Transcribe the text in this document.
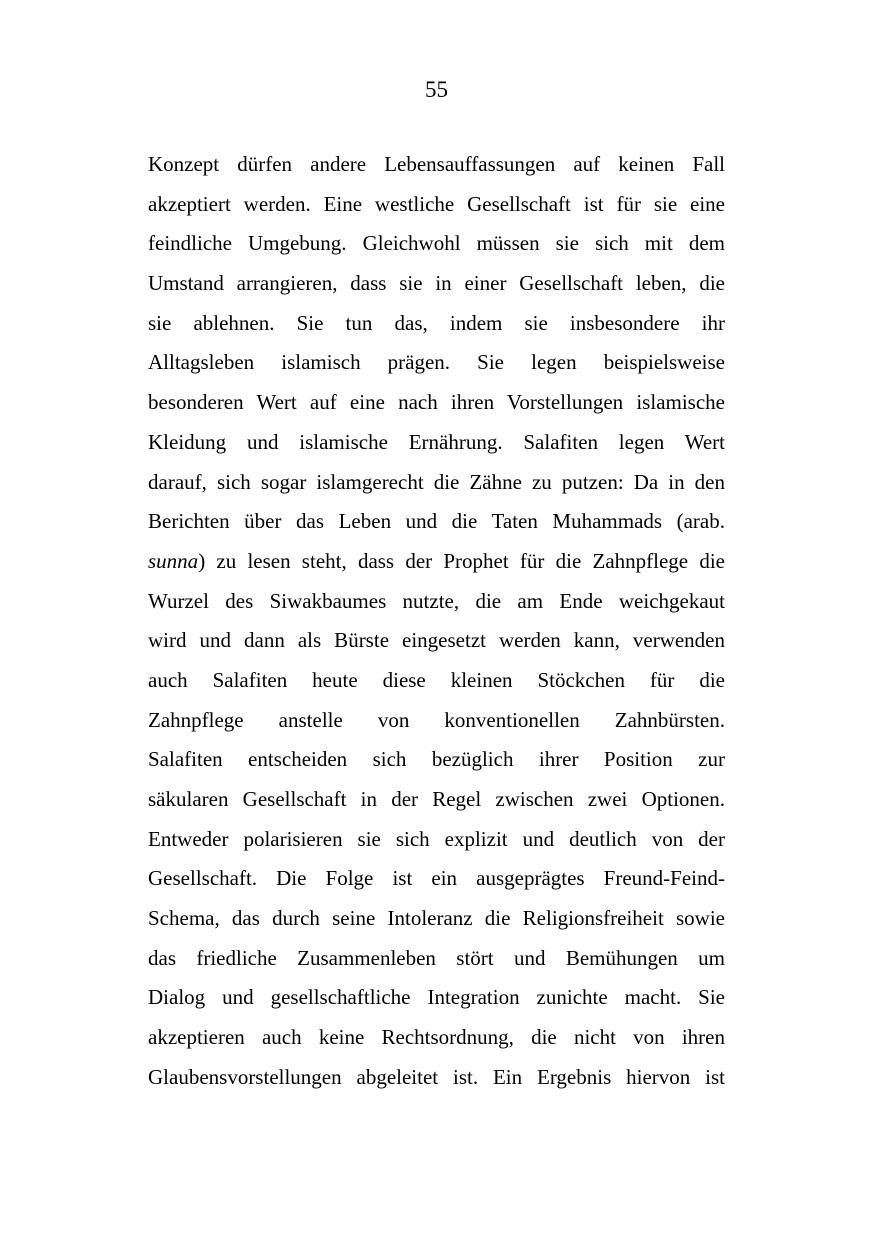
55
Konzept dürfen andere Lebensauffassungen auf keinen Fall
akzeptiert werden. Eine westliche Gesellschaft ist für sie eine
feindliche Umgebung. Gleichwohl müssen sie sich mit dem
Umstand arrangieren, dass sie in einer Gesellschaft leben, die
sie ablehnen. Sie tun das, indem sie insbesondere ihr
Alltagsleben islamisch prägen. Sie legen beispielsweise
besonderen Wert auf eine nach ihren Vorstellungen islamische
Kleidung und islamische Ernährung. Salafiten legen Wert
darauf, sich sogar islamgerecht die Zähne zu putzen: Da in den
Berichten über das Leben und die Taten Muhammads (arab.
sunna) zu lesen steht, dass der Prophet für die Zahnpflege die
Wurzel des Siwakbaumes nutzte, die am Ende weichgekaut
wird und dann als Bürste eingesetzt werden kann, verwenden
auch Salafiten heute diese kleinen Stöckchen für die
Zahnpflege anstelle von konventionellen Zahnbürsten.
Salafiten entscheiden sich bezüglich ihrer Position zur
säkularen Gesellschaft in der Regel zwischen zwei Optionen.
Entweder polarisieren sie sich explizit und deutlich von der
Gesellschaft. Die Folge ist ein ausgeprägtes Freund-Feind-
Schema, das durch seine Intoleranz die Religionsfreiheit sowie
das friedliche Zusammenleben stört und Bemühungen um
Dialog und gesellschaftliche Integration zunichte macht. Sie
akzeptieren auch keine Rechtsordnung, die nicht von ihren
Glaubensvorstellungen abgeleitet ist. Ein Ergebnis hiervon ist
